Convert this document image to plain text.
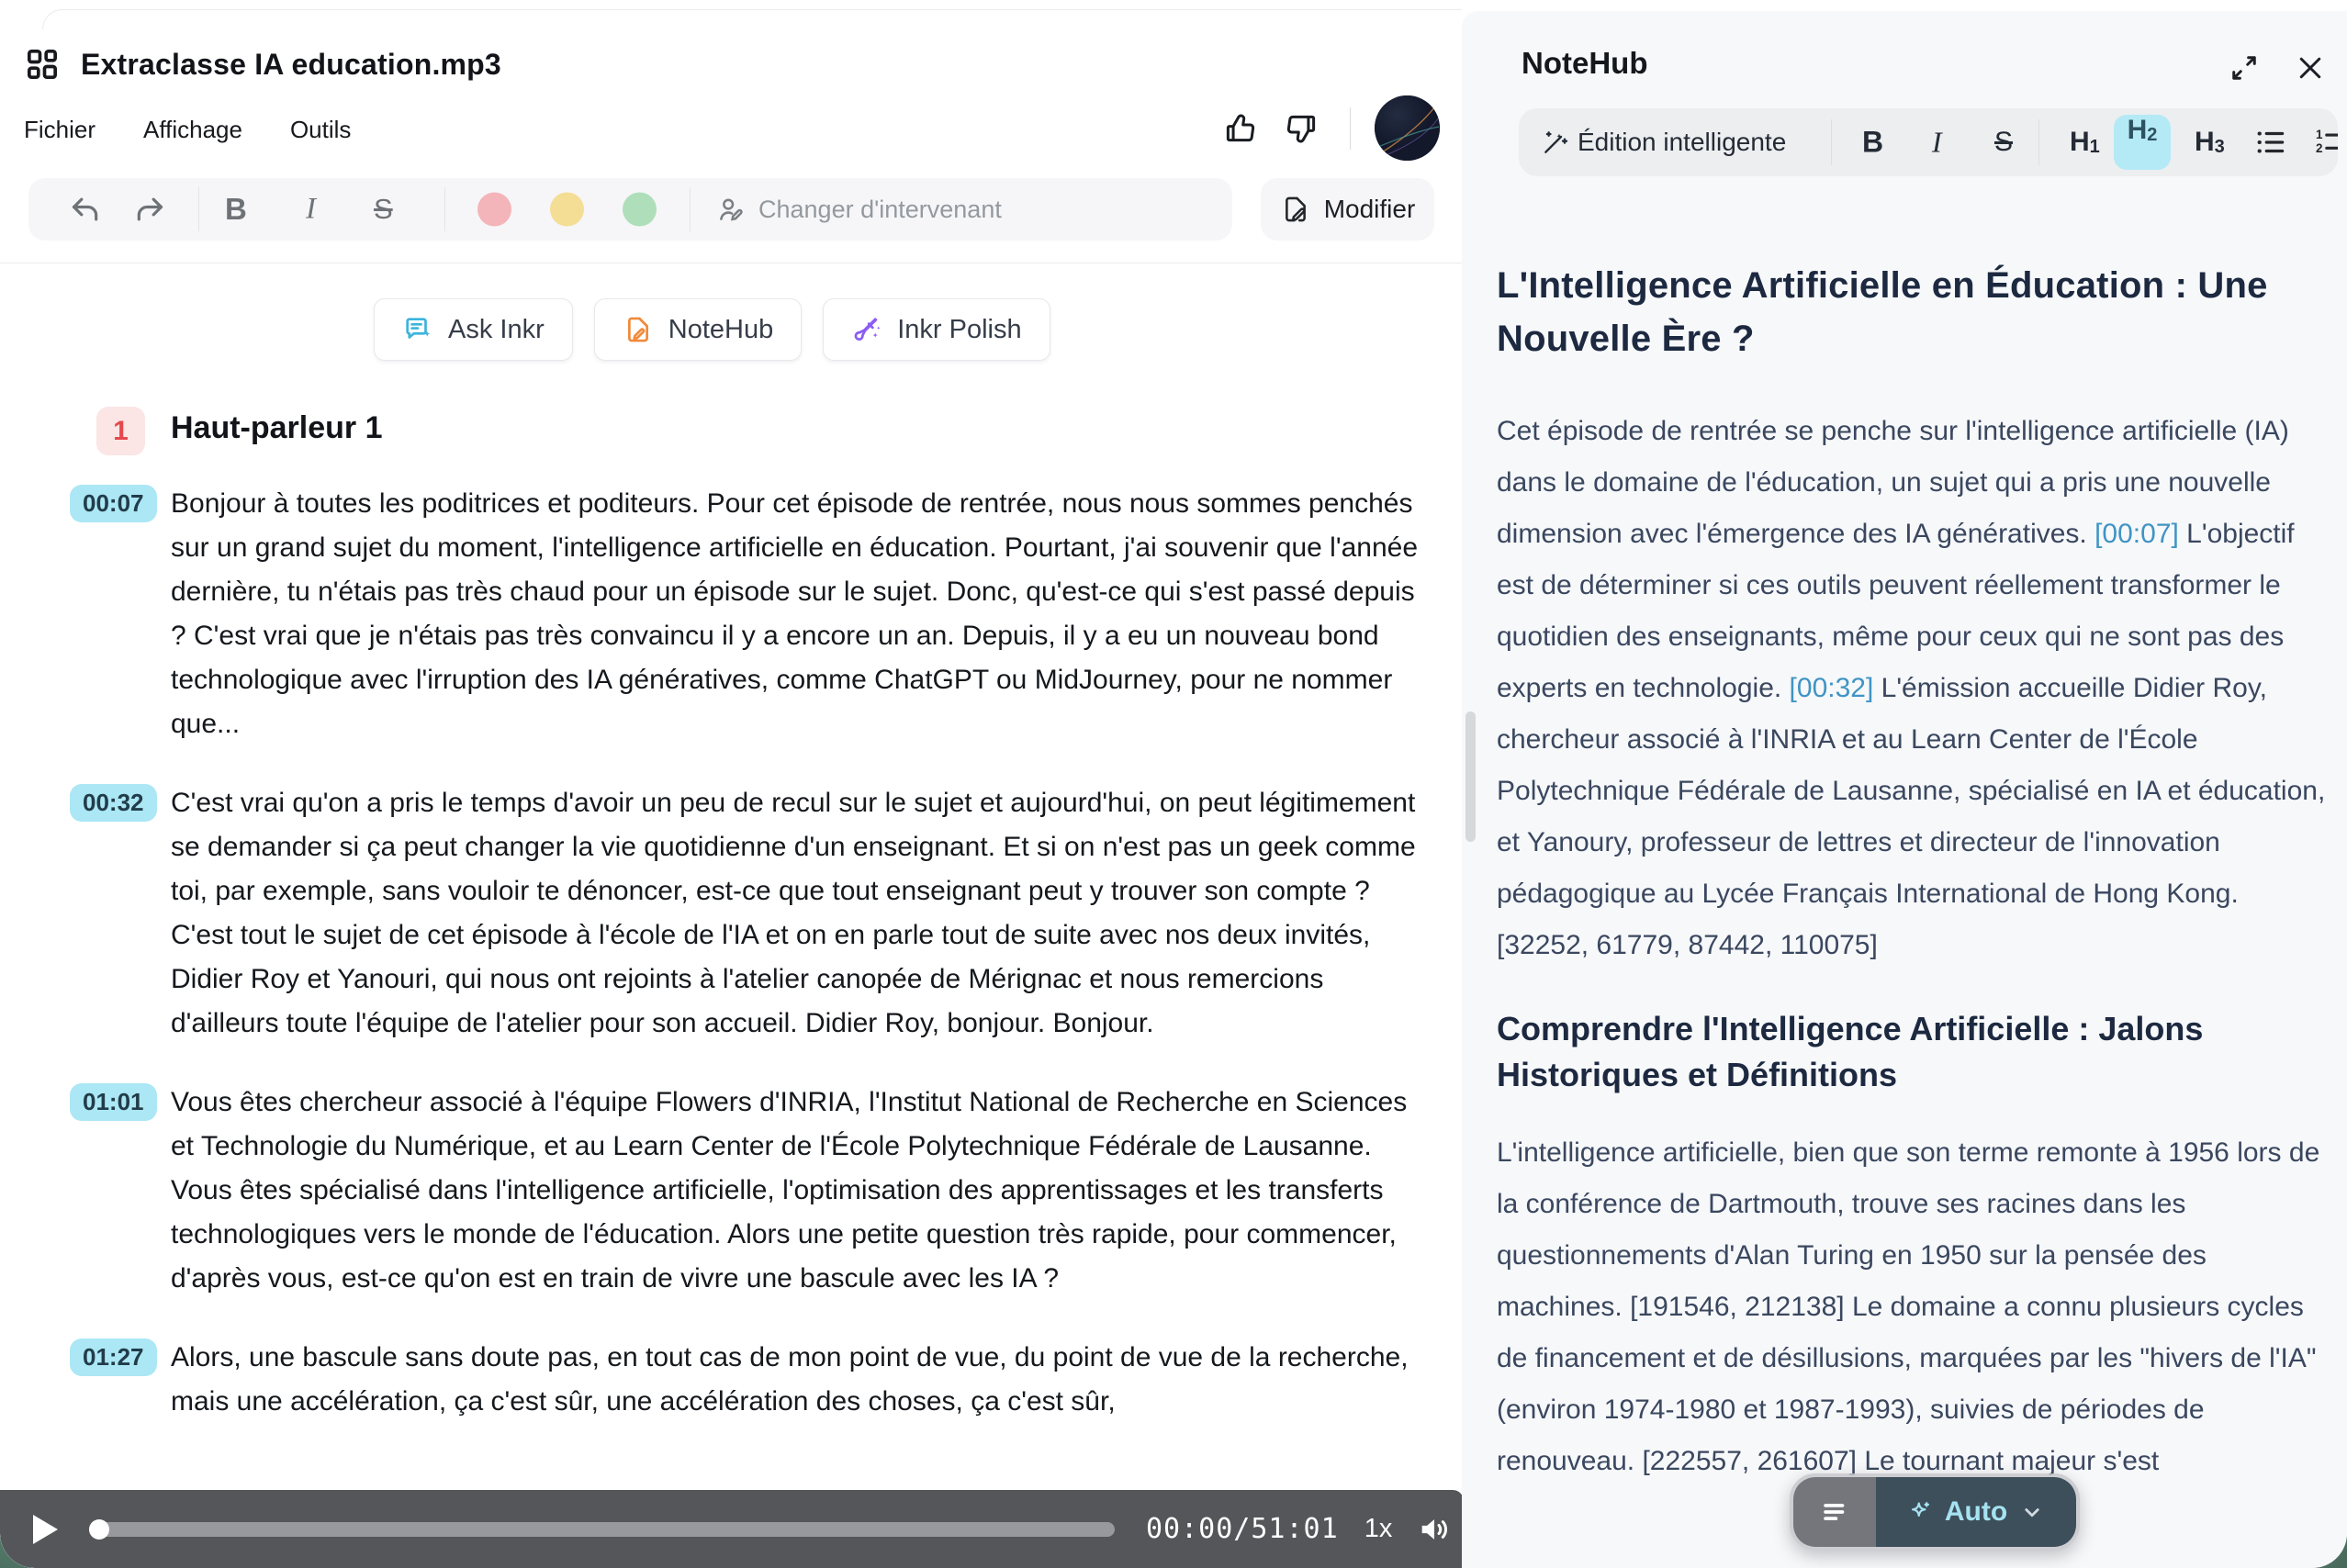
Extraclasse IA education.mp3
Fichier Affichage Outils
B I S
Changer d'intervenant	Modifier
Ask Inkr	NoteHub	Inkr Polish
1	Haut-parleur 1
00:07 Bonjour à toutes les poditrices et poditeurs. Pour cet épisode de rentrée, nous nous sommes penchés sur un grand sujet du moment, l'intelligence artificielle en éducation. Pourtant, j'ai souvenir que l'année dernière, tu n'étais pas très chaud pour un épisode sur le sujet. Donc, qu'est-ce qui s'est passé depuis ? C'est vrai que je n'étais pas très convaincu il y a encore un an. Depuis, il y a eu un nouveau bond technologique avec l'irruption des IA génératives, comme ChatGPT ou MidJourney, pour ne nommer que...

00:32 C'est vrai qu'on a pris le temps d'avoir un peu de recul sur le sujet et aujourd'hui, on peut légitimement se demander si ça peut changer la vie quotidienne d'un enseignant. Et si on n'est pas un geek comme toi, par exemple, sans vouloir te dénoncer, est-ce que tout enseignant peut y trouver son compte ? C'est tout le sujet de cet épisode à l'école de l'IA et on en parle tout de suite avec nos deux invités, Didier Roy et Yanouri, qui nous ont rejoints à l'atelier canopée de Mérignac et nous remercions d'ailleurs toute l'équipe de l'atelier pour son accueil. Didier Roy, bonjour. Bonjour.

01:01 Vous êtes chercheur associé à l'équipe Flowers d'INRIA, l'Institut National de Recherche en Sciences et Technologie du Numérique, et au Learn Center de l'École Polytechnique Fédérale de Lausanne. Vous êtes spécialisé dans l'intelligence artificielle, l'optimisation des apprentissages et les transferts technologiques vers le monde de l'éducation. Alors une petite question très rapide, pour commencer, d'après vous, est-ce qu'on est en train de vivre une bascule avec les IA ?

01:27 Alors, une bascule sans doute pas, en tout cas de mon point de vue, du point de vue de la recherche, mais une accélération, ça c'est sûr, une accélération des choses, ça c'est sûr,

00:00/51:01 1x
NoteHub
Édition intelligente	B I S H 1
H 2 H 3
1
2
L'Intelligence Artificielle en Éducation : Une Nouvelle Ère ?

Cet épisode de rentrée se penche sur l'intelligence artificielle (IA) dans le domaine de l'éducation, un sujet qui a pris une nouvelle dimension avec l'émergence des IA génératives. [00:07] L'objectif est de déterminer si ces outils peuvent réellement transformer le quotidien des enseignants, même pour ceux qui ne sont pas des experts en technologie. [00:32] L'émission accueille Didier Roy, chercheur associé à l'INRIA et au Learn Center de l'École Polytechnique Fédérale de Lausanne, spécialisé en IA et éducation, et Yanoury, professeur de lettres et directeur de l'innovation pédagogique au Lycée Français International de Hong Kong. [32252, 61779, 87442, 110075]

Comprendre l'Intelligence Artificielle : Jalons Historiques et Définitions

L'intelligence artificielle, bien que son terme remonte à 1956 lors de la conférence de Dartmouth, trouve ses racines dans les questionnements d'Alan Turing en 1950 sur la pensée des machines. [191546, 212138] Le domaine a connu plusieurs cycles de financement et de désillusions, marquées par les "hivers de l'IA" (environ 1974-1980 et 1987-1993), suivies de périodes de renouveau. [222557, 261607] Le tournant majeur s'est

Auto
